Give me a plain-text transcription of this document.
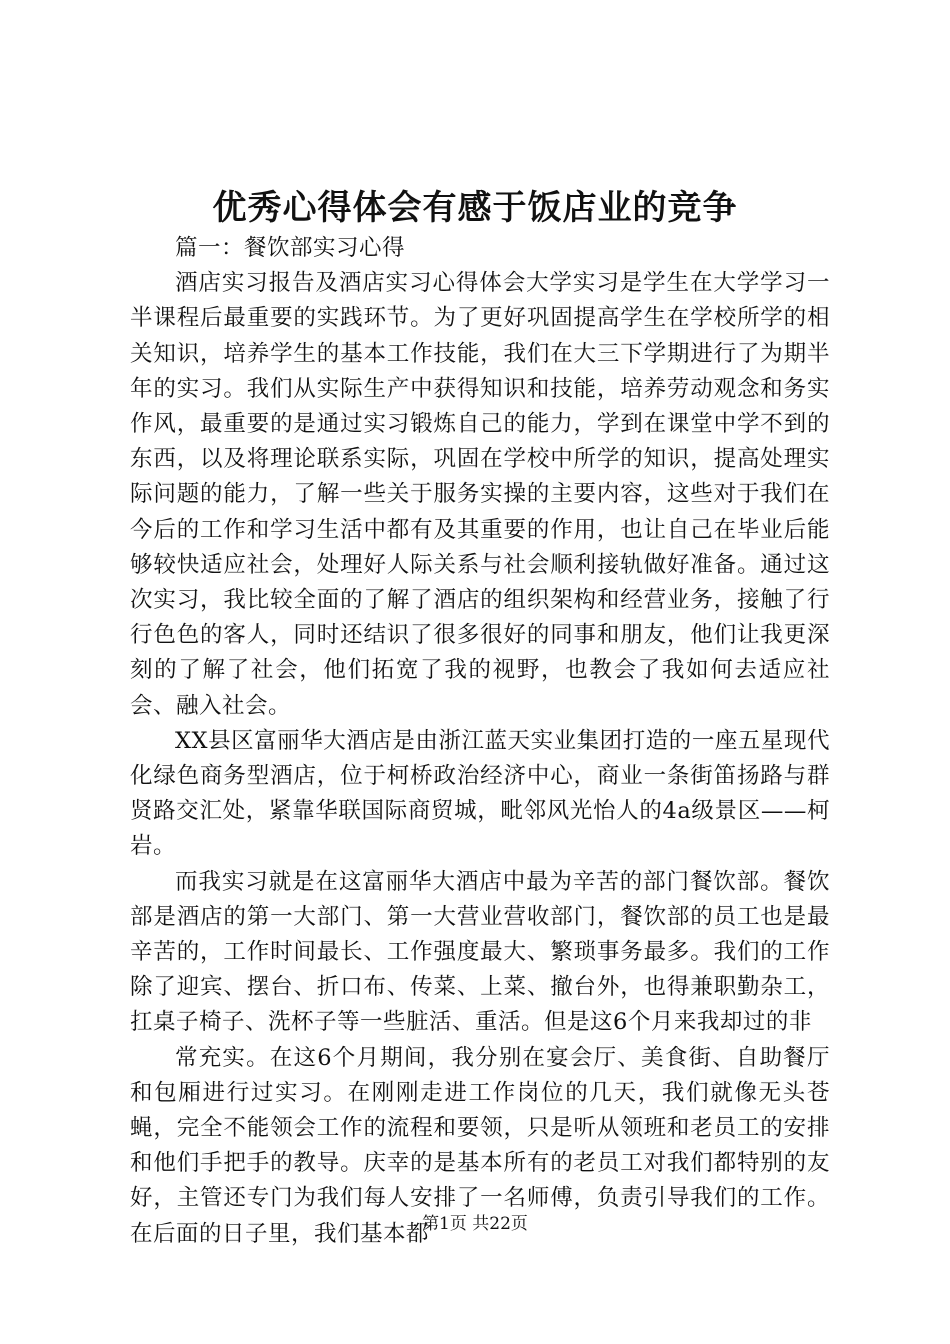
优秀心得体会有感于饭店业的竞争

篇一：餐饮部实习心得

酒店实习报告及酒店实习心得体会大学实习是学生在大学学习一半课程后最重要的实践环节。为了更好巩固提高学生在学校所学的相关知识，培养学生的基本工作技能，我们在大三下学期进行了为期半年的实习。我们从实际生产中获得知识和技能，培养劳动观念和务实作风，最重要的是通过实习锻炼自己的能力，学到在课堂中学不到的东西，以及将理论联系实际，巩固在学校中所学的知识，提高处理实际问题的能力，了解一些关于服务实操的主要内容，这些对于我们在今后的工作和学习生活中都有及其重要的作用，也让自己在毕业后能够较快适应社会，处理好人际关系与社会顺利接轨做好准备。通过这次实习，我比较全面的了解了酒店的组织架构和经营业务，接触了行行色色的客人，同时还结识了很多很好的同事和朋友，他们让我更深刻的了解了社会，他们拓宽了我的视野，也教会了我如何去适应社会、融入社会。

XX县区富丽华大酒店是由浙江蓝天实业集团打造的一座五星现代化绿色商务型酒店，位于柯桥政治经济中心，商业一条街笛扬路与群贤路交汇处，紧靠华联国际商贸城，毗邻风光怡人的4a级景区——柯岩。

而我实习就是在这富丽华大酒店中最为辛苦的部门餐饮部。餐饮部是酒店的第一大部门、第一大营业营收部门，餐饮部的员工也是最辛苦的，工作时间最长、工作强度最大、繁琐事务最多。我们的工作除了迎宾、摆台、折口布、传菜、上菜、撤台外，也得兼职勤杂工，扛桌子椅子、洗杯子等一些脏活、重活。但是这6个月来我却过的非

常充实。在这6个月期间，我分别在宴会厅、美食街、自助餐厅和包厢进行过实习。在刚刚走进工作岗位的几天，我们就像无头苍蝇，完全不能领会工作的流程和要领，只是听从领班和老员工的安排和他们手把手的教导。庆幸的是基本所有的老员工对我们都特别的友好，主管还专门为我们每人安排了一名师傅，负责引导我们的工作。在后面的日子里，我们基本都

第1页 共22页
